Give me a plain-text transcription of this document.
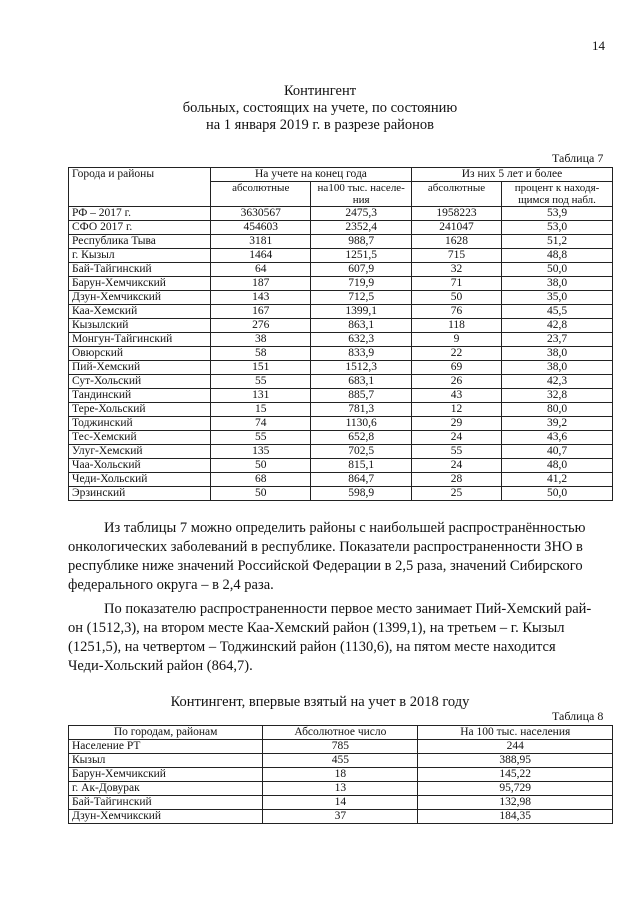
14
Контингент
больных, состоящих на учете, по состоянию
на 1 января 2019 г. в разрезе районов
Таблица 7
Города и районы	На учете на конец года		Из них 5 лет и более	
	абсолютные	на100 тыс. населе-ния	абсолютные	процент к находя-щимся под набл.
РФ – 2017 г.	3630567	2475,3	1958223	53,9
СФО 2017 г.	454603	2352,4	241047	53,0
Республика Тыва	3181	988,7	1628	51,2
г. Кызыл	1464	1251,5	715	48,8
Бай-Тайгинский	64	607,9	32	50,0
Барун-Хемчикский	187	719,9	71	38,0
Дзун-Хемчикский	143	712,5	50	35,0
Каа-Хемский	167	1399,1	76	45,5
Кызылский	276	863,1	118	42,8
Монгун-Тайгинский	38	632,3	9	23,7
Овюрский	58	833,9	22	38,0
Пий-Хемский	151	1512,3	69	38,0
Сут-Хольский	55	683,1	26	42,3
Тандинский	131	885,7	43	32,8
Тере-Хольский	15	781,3	12	80,0
Тоджинский	74	1130,6	29	39,2
Тес-Хемский	55	652,8	24	43,6
Улуг-Хемский	135	702,5	55	40,7
Чаа-Хольский	50	815,1	24	48,0
Чеди-Хольский	68	864,7	28	41,2
Эрзинский	50	598,9	25	50,0
Из таблицы 7 можно определить районы с наибольшей распространённостью
онкологических заболеваний в республике. Показатели распространенности ЗНО в
республике ниже значений Российской Федерации в 2,5 раза, значений Сибирского
федерального округа – в 2,4 раза.
По показателю распространенности первое место занимает Пий-Хемский рай-
он (1512,3), на втором месте Каа-Хемский район (1399,1), на третьем – г. Кызыл
(1251,5), на четвертом – Тоджинский район (1130,6), на пятом месте находится
Чеди-Хольский район (864,7).
Контингент, впервые взятый на учет в 2018 году
Таблица 8
По городам, районам	Абсолютное число	На 100 тыс. населения
Население РТ	785	244
Кызыл	455	388,95
Барун-Хемчикский	18	145,22
г. Ак-Довурак	13	95,729
Бай-Тайгинский	14	132,98
Дзун-Хемчикский	37	184,35
